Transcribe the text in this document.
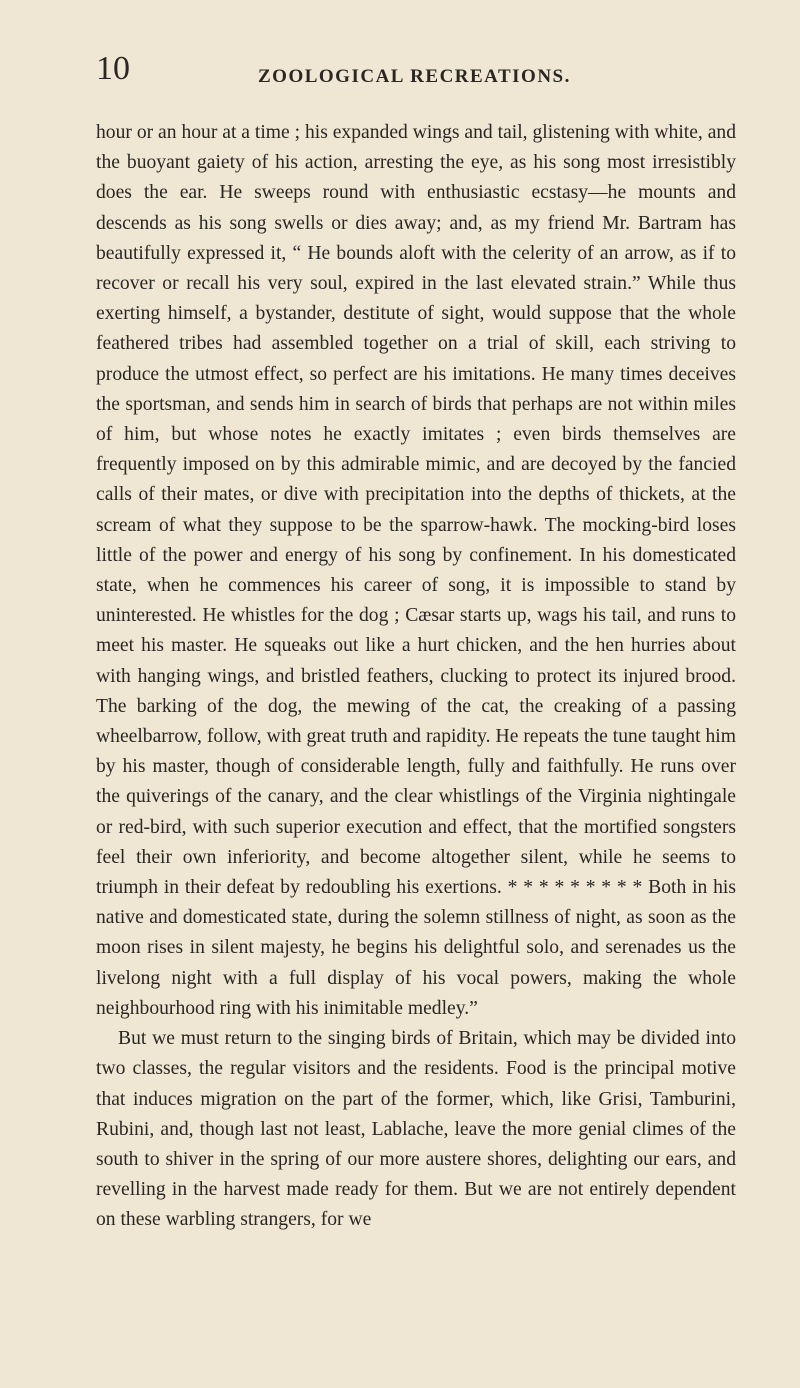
10	ZOOLOGICAL RECREATIONS.

hour or an hour at a time ; his expanded wings and tail, glistening with white, and the buoyant gaiety of his action, arresting the eye, as his song most irresistibly does the ear. He sweeps round with enthusiastic ecstasy—he mounts and descends as his song swells or dies away; and, as my friend Mr. Bartram has beautifully expressed it, “ He bounds aloft with the celerity of an arrow, as if to recover or recall his very soul, expired in the last elevated strain.” While thus exerting himself, a bystander, destitute of sight, would suppose that the whole feathered tribes had assembled together on a trial of skill, each striving to produce the utmost effect, so perfect are his imitations. He many times deceives the sportsman, and sends him in search of birds that perhaps are not within miles of him, but whose notes he exactly imitates ; even birds themselves are frequently imposed on by this admirable mimic, and are decoyed by the fancied calls of their mates, or dive with precipitation into the depths of thickets, at the scream of what they suppose to be the sparrow-hawk. The mocking-bird loses little of the power and energy of his song by confinement. In his domesticated state, when he commences his career of song, it is impossible to stand by uninterested. He whistles for the dog ; Cæsar starts up, wags his tail, and runs to meet his master. He squeaks out like a hurt chicken, and the hen hurries about with hanging wings, and bristled feathers, clucking to protect its injured brood. The barking of the dog, the mewing of the cat, the creaking of a passing wheelbarrow, follow, with great truth and rapidity. He repeats the tune taught him by his master, though of considerable length, fully and faithfully. He runs over the quiverings of the canary, and the clear whistlings of the Virginia nightingale or red-bird, with such superior execution and effect, that the mortified songsters feel their own inferiority, and become altogether silent, while he seems to triumph in their defeat by redoubling his exertions. * * * * * * * * * Both in his native and domesticated state, during the solemn stillness of night, as soon as the moon rises in silent majesty, he begins his delightful solo, and serenades us the livelong night with a full display of his vocal powers, making the whole neighbourhood ring with his inimitable medley.”

But we must return to the singing birds of Britain, which may be divided into two classes, the regular visitors and the residents. Food is the principal motive that induces migration on the part of the former, which, like Grisi, Tamburini, Rubini, and, though last not least, Lablache, leave the more genial climes of the south to shiver in the spring of our more austere shores, delighting our ears, and revelling in the harvest made ready for them. But we are not entirely dependent on these warbling strangers, for we
